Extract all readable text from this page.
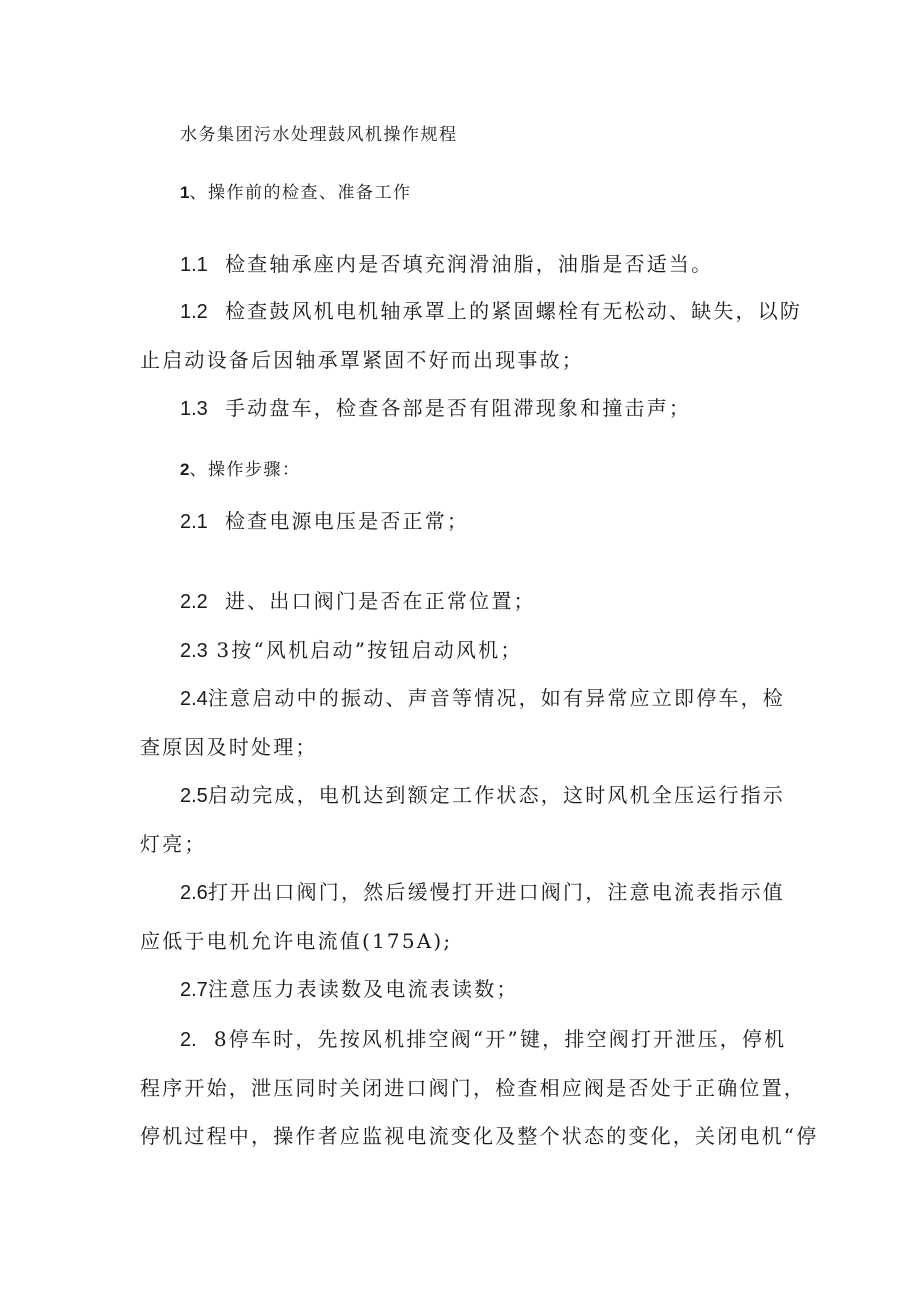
水务集团污水处理鼓风机操作规程
1、操作前的检查、准备工作
1.1 检查轴承座内是否填充润滑油脂，油脂是否适当。
1.2 检查鼓风机电机轴承罩上的紧固螺栓有无松动、缺失，以防
止启动设备后因轴承罩紧固不好而出现事故；
1.3 手动盘车，检查各部是否有阻滞现象和撞击声；
2、操作步骤：
2.1 检查电源电压是否正常；
2.2 进、出口阀门是否在正常位置；
2.3 3按“风机启动”按钮启动风机；
2.4注意启动中的振动、声音等情况，如有异常应立即停车，检
查原因及时处理；
2.5启动完成，电机达到额定工作状态，这时风机全压运行指示
灯亮；
2.6打开出口阀门，然后缓慢打开进口阀门，注意电流表指示值
应低于电机允许电流值(175A);
2.7注意压力表读数及电流表读数；
2. 8停车时，先按风机排空阀“开”键，排空阀打开泄压，停机
程序开始，泄压同时关闭进口阀门，检查相应阀是否处于正确位置，
停机过程中，操作者应监视电流变化及整个状态的变化，关闭电机“停
